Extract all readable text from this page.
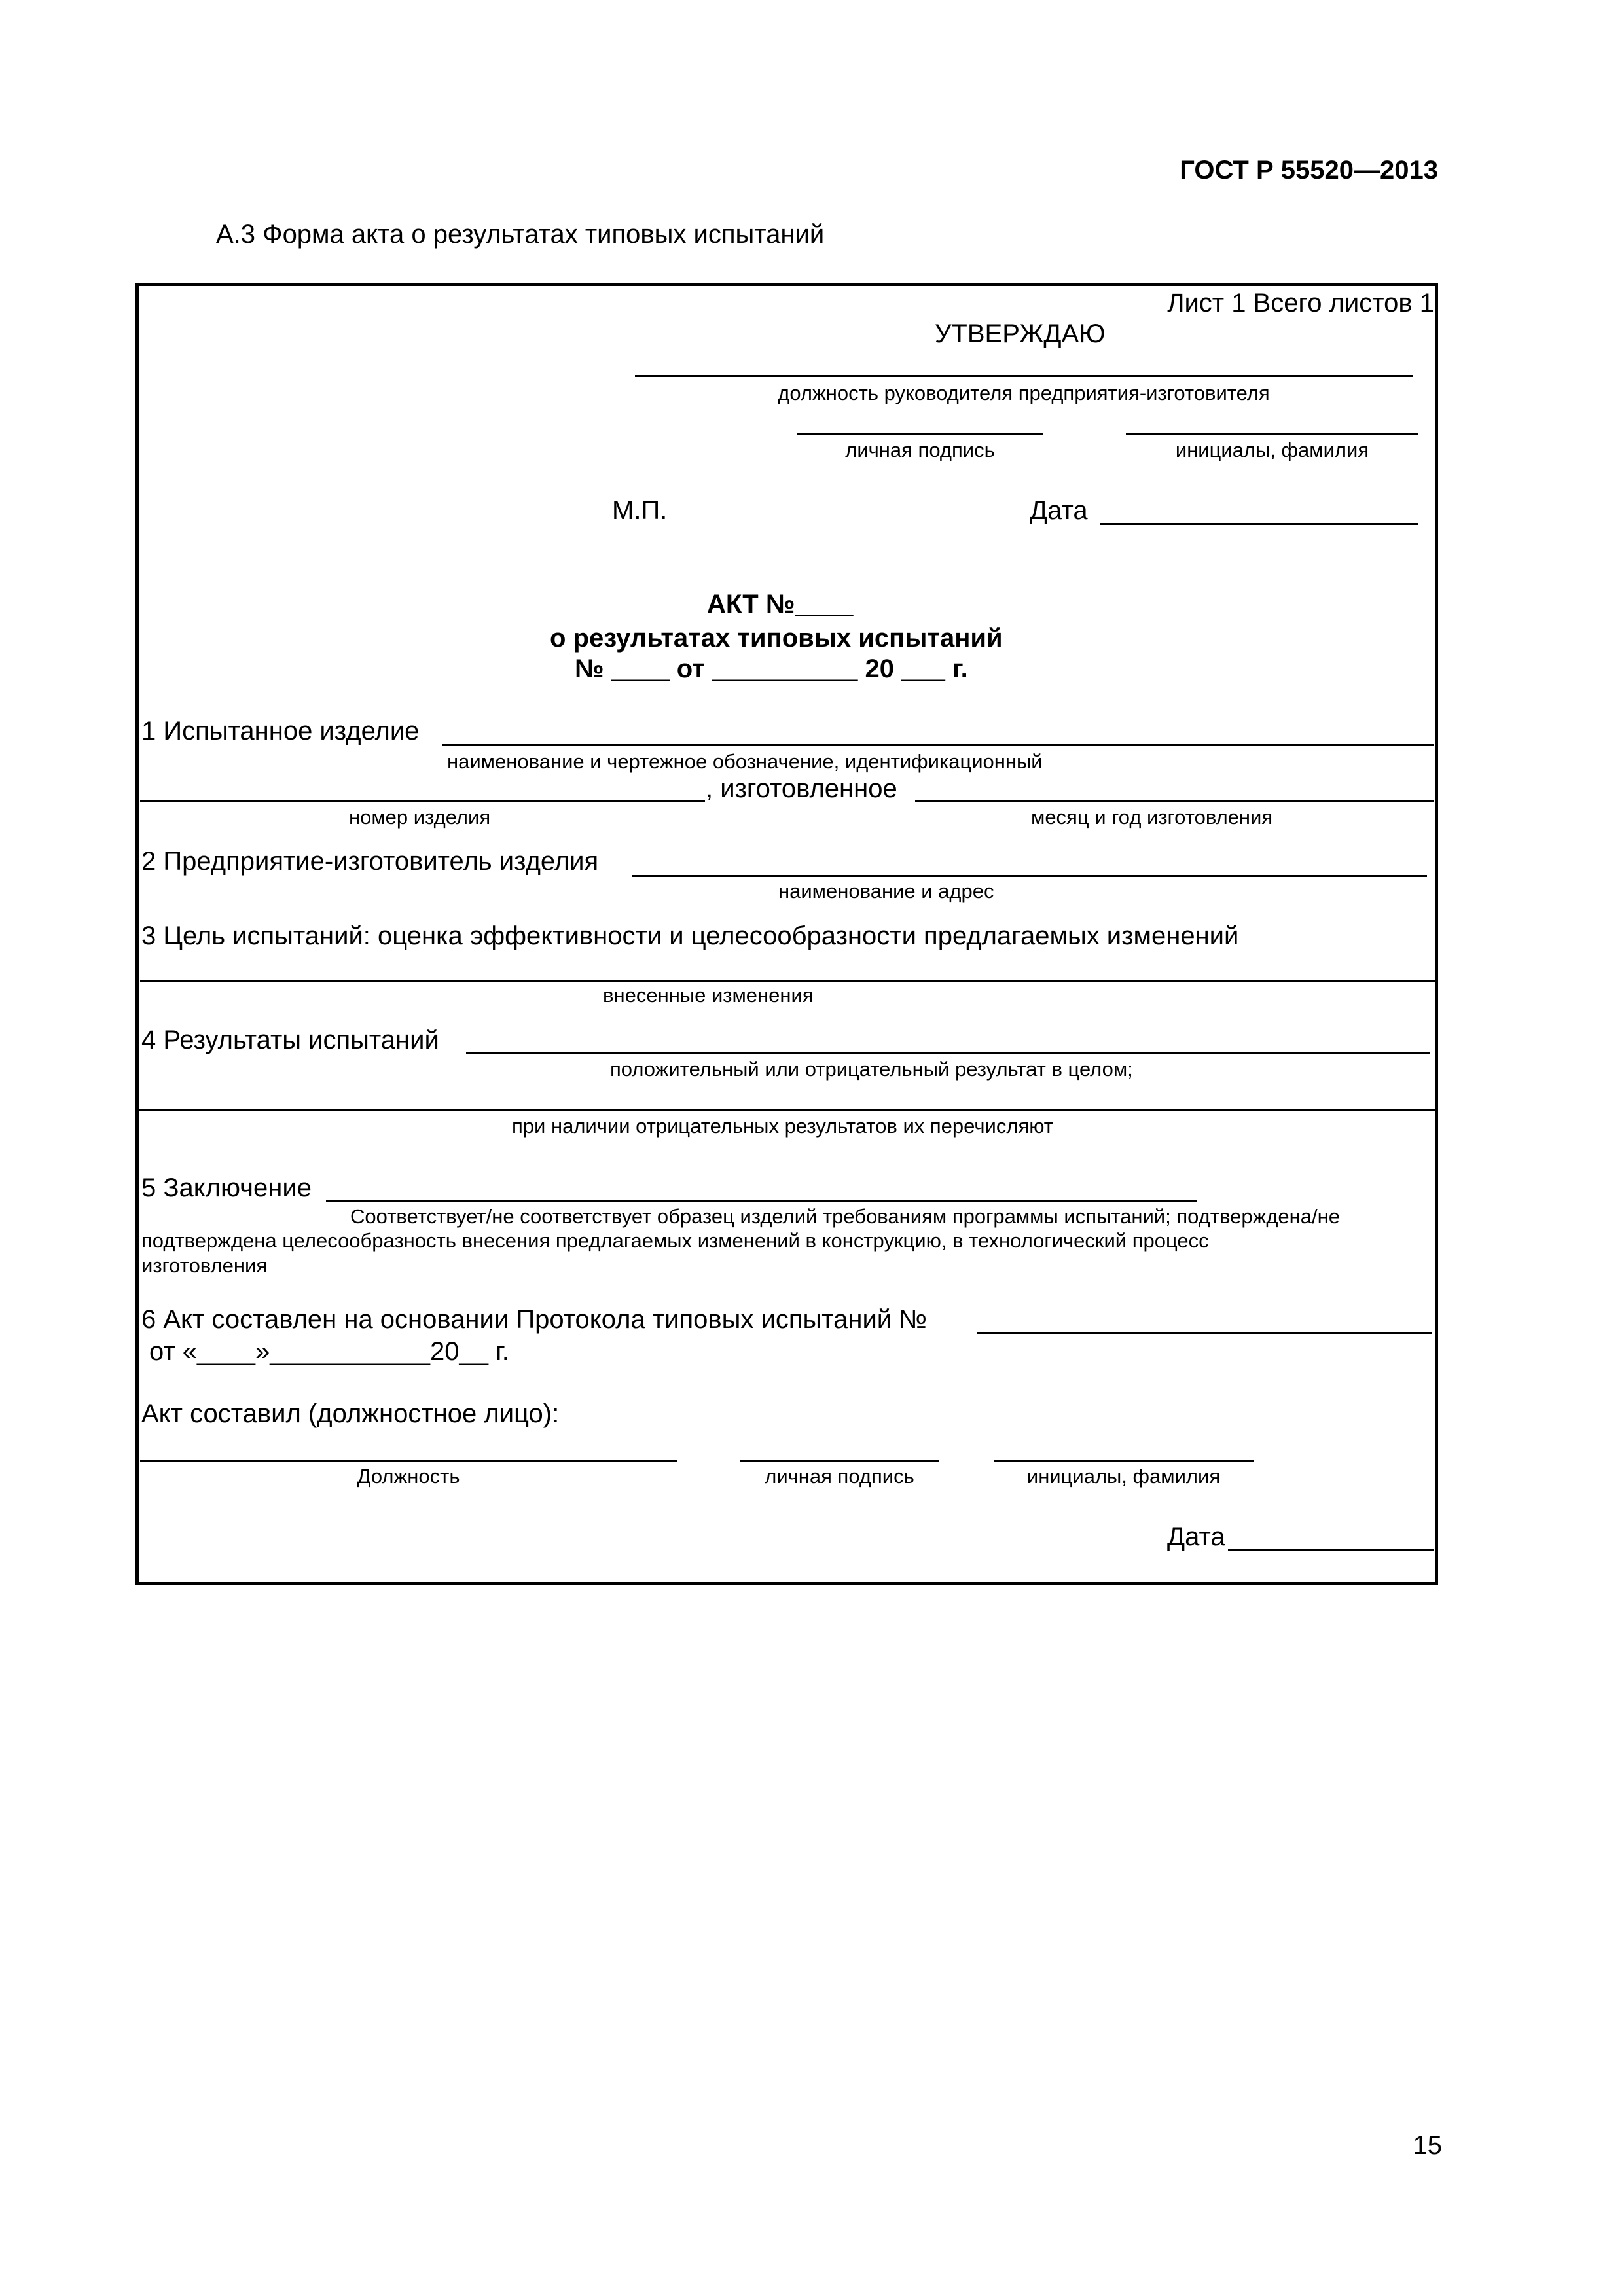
ГОСТ Р 55520—2013
А.3 Форма акта о результатах типовых испытаний
Лист 1 Всего листов 1
УТВЕРЖДАЮ
должность руководителя предприятия-изготовителя
личная подпись	инициалы, фамилия
М.П.	Дата
АКТ №____
о результатах типовых испытаний
№ ____ от __________ 20 ___ г.
1 Испытанное изделие
наименование и чертежное обозначение, идентификационный
, изготовленное
номер изделия	месяц и год изготовления
2 Предприятие-изготовитель изделия
наименование и адрес
3 Цель испытаний: оценка эффективности и целесообразности предлагаемых изменений
внесенные изменения
4 Результаты испытаний
положительный или отрицательный результат в целом;
при наличии отрицательных результатов их перечисляют
5 Заключение
Соответствует/не соответствует образец изделий требованиям программы испытаний; подтверждена/не
подтверждена целесообразность внесения предлагаемых изменений в конструкцию, в технологический процесс
изготовления
6 Акт составлен на основании Протокола типовых испытаний №
от «____»___________20__ г.
Акт составил (должностное лицо):
Должность	личная подпись	инициалы, фамилия
Дата
15
